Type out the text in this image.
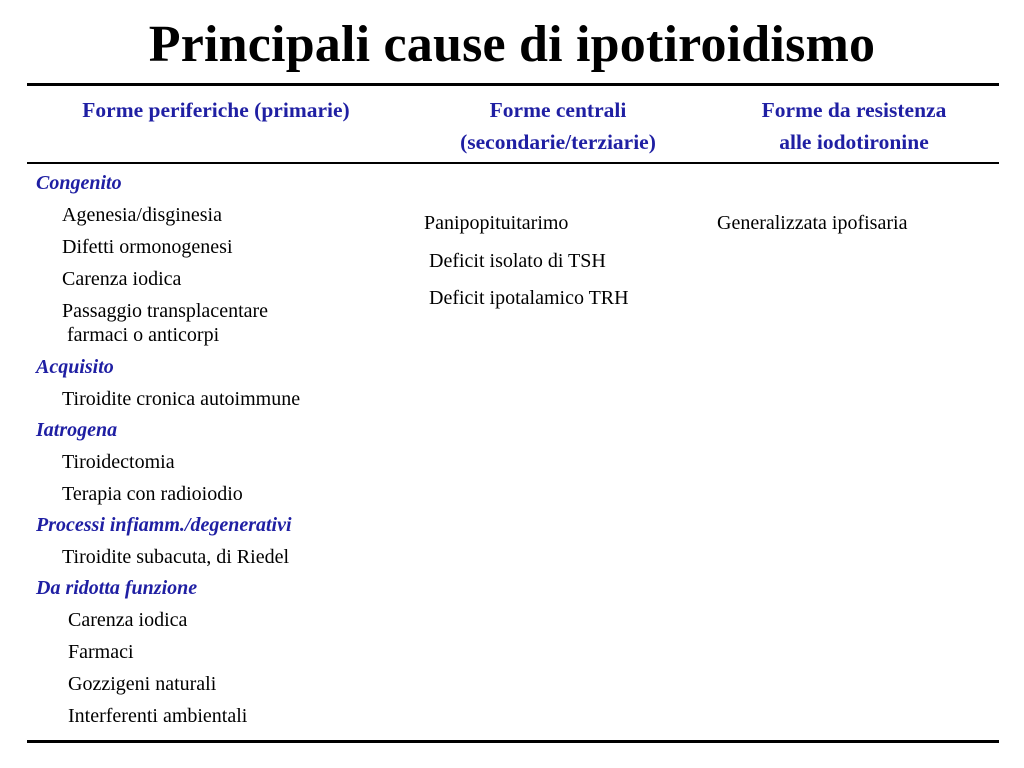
Principali cause di ipotiroidismo
Forme periferiche (primarie)	Forme centrali
(secondarie/terziarie)
Forme da resistenza
alle iodotironine
Congenito
Agenesia/disginesia
Difetti ormonogenesi
Carenza iodica
Passaggio transplacentare
farmaci o anticorpi
Acquisito
Tiroidite cronica autoimmune
Iatrogena
Tiroidectomia
Terapia con radioiodio
Processi infiamm./degenerativi
Tiroidite subacuta, di Riedel
Da ridotta funzione
Carenza iodica
Farmaci
Gozzigeni naturali
Interferenti ambientali
Panipopituitarimo
Deficit isolato di TSH
Deficit ipotalamico TRH
Generalizzata ipofisaria
